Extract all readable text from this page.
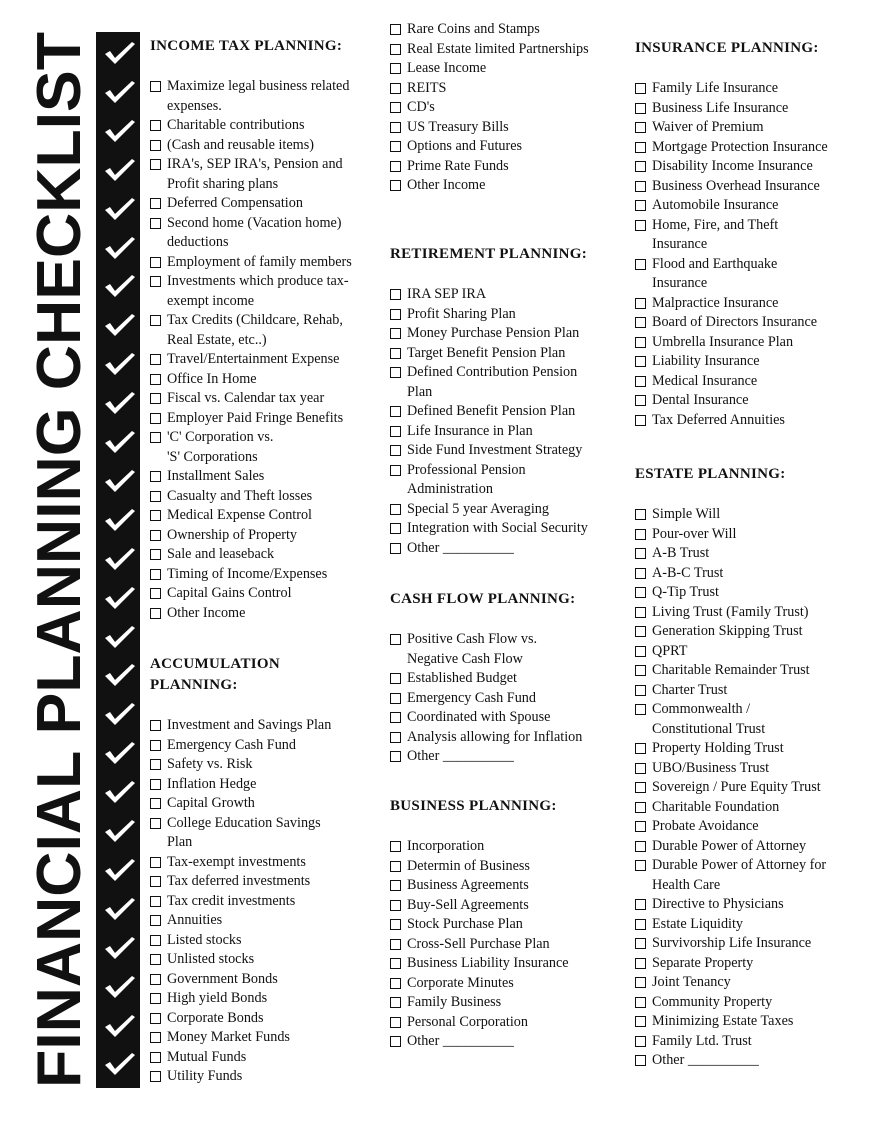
FINANCIAL PLANNING CHECKLIST	INCOME TAX PLANNING:
Maximize legal business related
expenses.
Charitable contributions
(Cash and reusable items)
IRA's, SEP IRA's, Pension and
Profit sharing plans
Deferred Compensation
Second home (Vacation home)
deductions
Employment of family members
Investments which produce tax-
exempt income
Tax Credits (Childcare, Rehab,
Real Estate, etc..)
Travel/Entertainment Expense
Office In Home
Fiscal vs. Calendar tax year
Employer Paid Fringe Benefits
'C' Corporation vs.
'S' Corporations
Installment Sales
Casualty and Theft losses
Medical Expense Control
Ownership of Property
Sale and leaseback
Timing of Income/Expenses
Capital Gains Control
Other Income
ACCUMULATION
PLANNING:
Investment and Savings Plan
Emergency Cash Fund
Safety vs. Risk
Inflation Hedge
Capital Growth
College Education Savings
Plan
Tax-exempt investments
Tax deferred investments
Tax credit investments
Annuities
Listed stocks
Unlisted stocks
Government Bonds
High yield Bonds
Corporate Bonds
Money Market Funds
Mutual Funds
Utility Funds
Rare Coins and Stamps
Real Estate limited Partnerships
Lease Income
REITS
CD's
US Treasury Bills
Options and Futures
Prime Rate Funds
Other Income
RETIREMENT PLANNING:
IRA SEP IRA
Profit Sharing Plan
Money Purchase Pension Plan
Target Benefit Pension Plan
Defined Contribution Pension
Plan
Defined Benefit Pension Plan
Life Insurance in Plan
Side Fund Investment Strategy
Professional Pension
Administration
Special 5 year Averaging
Integration with Social Security
Other __________
CASH FLOW PLANNING:
Positive Cash Flow vs.
Negative Cash Flow
Established Budget
Emergency Cash Fund
Coordinated with Spouse
Analysis allowing for Inflation
Other __________
BUSINESS PLANNING:
Incorporation
Determin of Business
Business Agreements
Buy-Sell Agreements
Stock Purchase Plan
Cross-Sell Purchase Plan
Business Liability Insurance
Corporate Minutes
Family Business
Personal Corporation
Other __________
INSURANCE PLANNING:
Family Life Insurance
Business Life Insurance
Waiver of Premium
Mortgage Protection Insurance
Disability Income Insurance
Business Overhead Insurance
Automobile Insurance
Home, Fire, and Theft
Insurance
Flood and Earthquake
Insurance
Malpractice Insurance
Board of Directors Insurance
Umbrella Insurance Plan
Liability Insurance
Medical Insurance
Dental Insurance
Tax Deferred Annuities
ESTATE PLANNING:
Simple Will
Pour-over Will
A-B Trust
A-B-C Trust
Q-Tip Trust
Living Trust (Family Trust)
Generation Skipping Trust
QPRT
Charitable Remainder Trust
Charter Trust
Commonwealth /
Constitutional Trust
Property Holding Trust
UBO/Business Trust
Sovereign / Pure Equity Trust
Charitable Foundation
Probate Avoidance
Durable Power of Attorney
Durable Power of Attorney for
Health Care
Directive to Physicians
Estate Liquidity
Survivorship Life Insurance
Separate Property
Joint Tenancy
Community Property
Minimizing Estate Taxes
Family Ltd. Trust
Other __________
